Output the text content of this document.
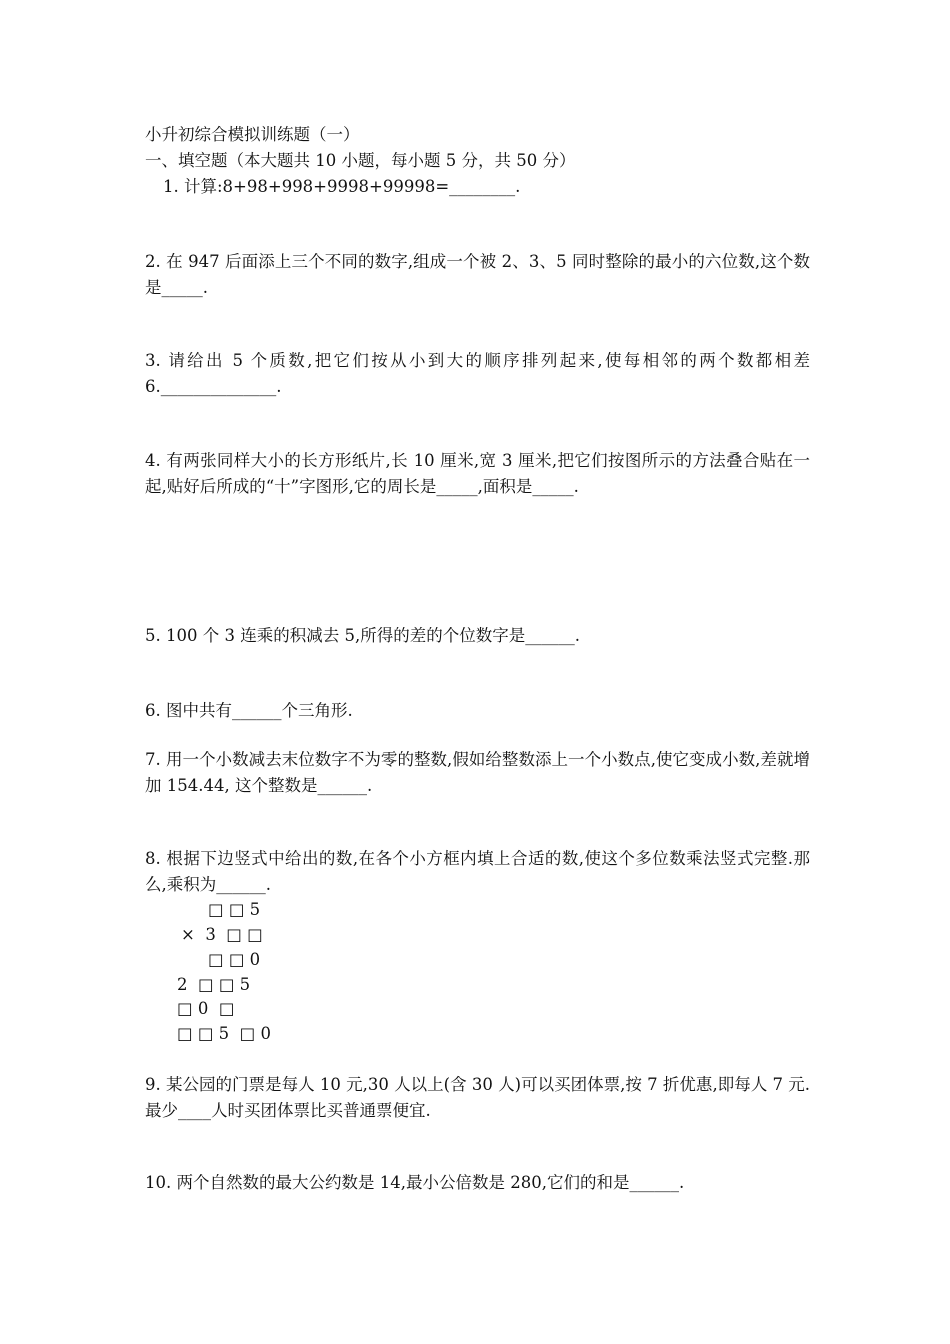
小升初综合模拟训练题（一）
一、填空题（本大题共 10 小题，每小题 5 分，共 50 分）
1. 计算:8+98+998+9998+99998=________.
2. 在 947 后面添上三个不同的数字,组成一个被 2、3、5 同时整除的最小的六位数,这个数是_____.
3. 请给出 5 个质数,把它们按从小到大的顺序排列起来,使每相邻的两个数都相差 6.______________.
4. 有两张同样大小的长方形纸片,长 10 厘米,宽 3 厘米,把它们按图所示的方法叠合贴在一起,贴好后所成的“十”字图形,它的周长是_____,面积是_____.
5. 100 个 3 连乘的积减去 5,所得的差的个位数字是______.
6. 图中共有______个三角形.
7. 用一个小数减去末位数字不为零的整数,假如给整数添上一个小数点,使它变成小数,差就增加 154.44, 这个整数是______.
8. 根据下边竖式中给出的数,在各个小方框内填上合适的数,使这个多位数乘法竖式完整.那么,乘积为______.
□ □ 5
×  3  □ □
□ □ 0
2  □ □ 5
□ 0  □
□ □ 5  □ 0
9. 某公园的门票是每人 10 元,30 人以上(含 30 人)可以买团体票,按 7 折优惠,即每人 7 元.最少____人时买团体票比买普通票便宜.
10. 两个自然数的最大公约数是 14,最小公倍数是 280,它们的和是______.
